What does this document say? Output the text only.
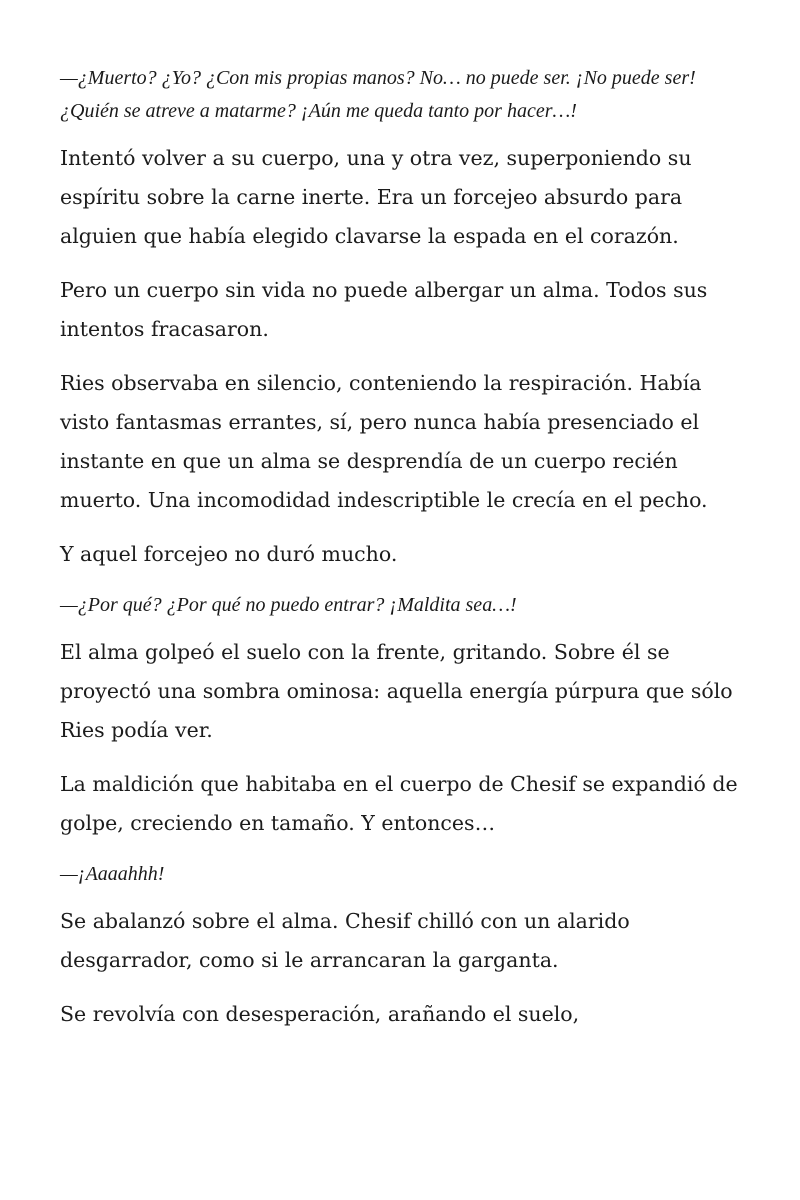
—¿Muerto? ¿Yo? ¿Con mis propias manos? No… no puede ser. ¡No puede ser! ¿Quién se atreve a matarme? ¡Aún me queda tanto por hacer…!

Intentó volver a su cuerpo, una y otra vez, superponiendo su espíritu sobre la carne inerte. Era un forcejeo absurdo para alguien que había elegido clavarse la espada en el corazón.

Pero un cuerpo sin vida no puede albergar un alma. Todos sus intentos fracasaron.

Ries observaba en silencio, conteniendo la respiración. Había visto fantasmas errantes, sí, pero nunca había presenciado el instante en que un alma se desprendía de un cuerpo recién muerto. Una incomodidad indescriptible le crecía en el pecho.

Y aquel forcejeo no duró mucho.

—¿Por qué? ¿Por qué no puedo entrar? ¡Maldita sea…!

El alma golpeó el suelo con la frente, gritando. Sobre él se proyectó una sombra ominosa: aquella energía púrpura que sólo Ries podía ver.

La maldición que habitaba en el cuerpo de Chesif se expandió de golpe, creciendo en tamaño. Y entonces…

—¡Aaaahhh!

Se abalanzó sobre el alma. Chesif chilló con un alarido desgarrador, como si le arrancaran la garganta.

Se revolvía con desesperación, arañando el suelo,
